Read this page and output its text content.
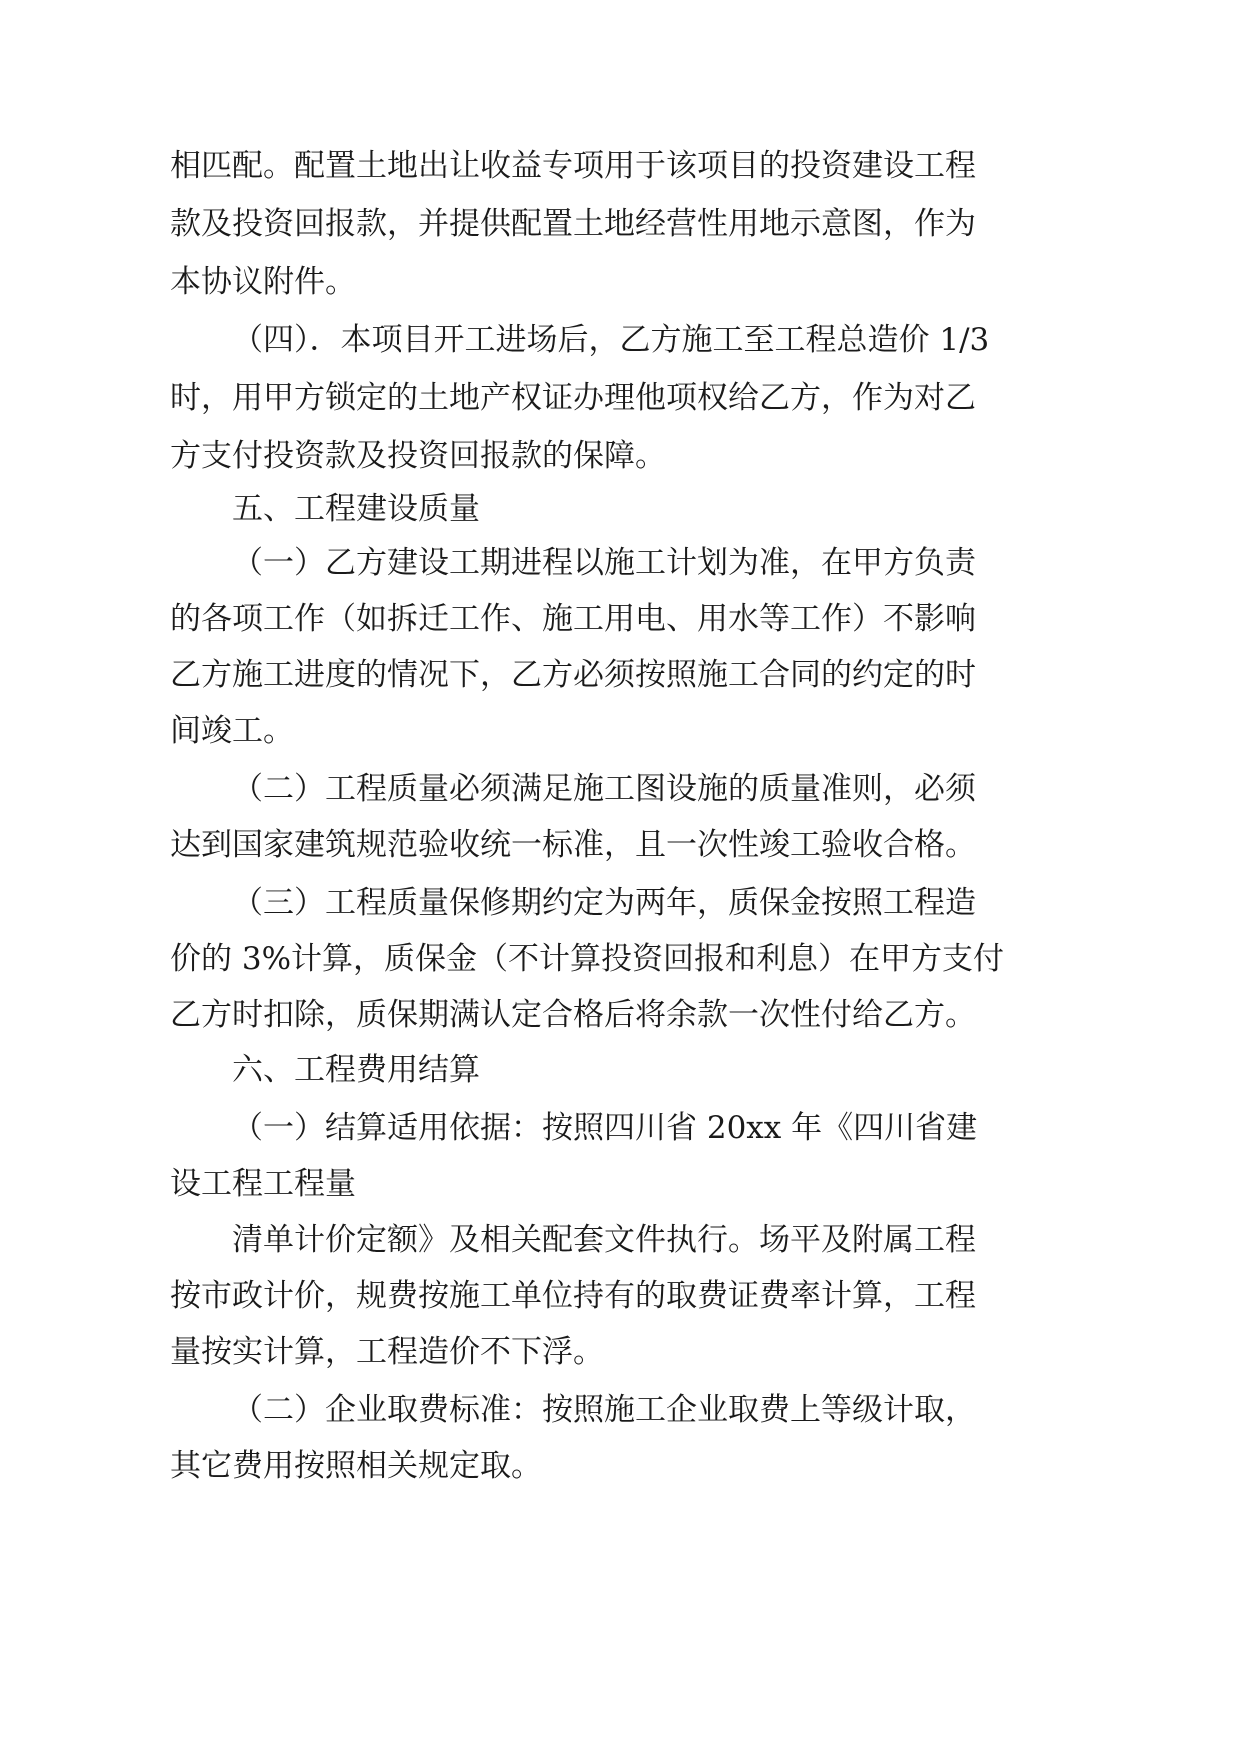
相匹配。配置土地出让收益专项用于该项目的投资建设工程
款及投资回报款，并提供配置土地经营性用地示意图，作为
本协议附件。
（四）．本项目开工进场后，乙方施工至工程总造价 1/3
时，用甲方锁定的土地产权证办理他项权给乙方，作为对乙
方支付投资款及投资回报款的保障。
五、工程建设质量
（一）乙方建设工期进程以施工计划为准，在甲方负责
的各项工作（如拆迁工作、施工用电、用水等工作）不影响
乙方施工进度的情况下，乙方必须按照施工合同的约定的时
间竣工。
（二）工程质量必须满足施工图设施的质量准则，必须
达到国家建筑规范验收统一标准，且一次性竣工验收合格。
（三）工程质量保修期约定为两年，质保金按照工程造
价的 3%计算，质保金（不计算投资回报和利息）在甲方支付
乙方时扣除，质保期满认定合格后将余款一次性付给乙方。
六、工程费用结算
（一）结算适用依据：按照四川省 20xx 年《四川省建
设工程工程量
清单计价定额》及相关配套文件执行。场平及附属工程
按市政计价，规费按施工单位持有的取费证费率计算，工程
量按实计算，工程造价不下浮。
（二）企业取费标准：按照施工企业取费上等级计取，
其它费用按照相关规定取。
